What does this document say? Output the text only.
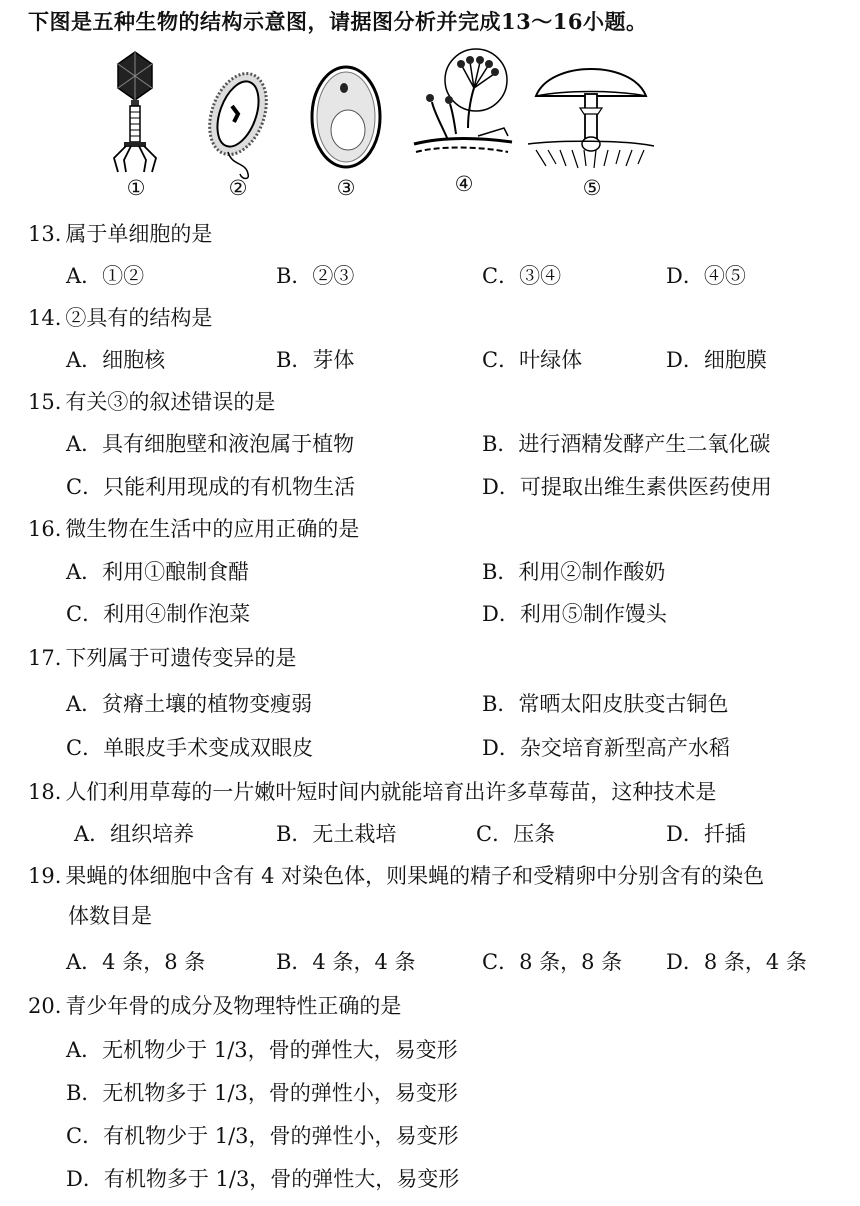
下图是五种生物的结构示意图，请据图分析并完成13～16小题。
①	②	③	④	⑤
13. 属于单细胞的是
A．①②	B．②③	C．③④	D．④⑤
14. ②具有的结构是
A．细胞核	B．芽体	C．叶绿体	D．细胞膜
15. 有关③的叙述错误的是
A．具有细胞壁和液泡属于植物	B．进行酒精发酵产生二氧化碳
C．只能利用现成的有机物生活	D．可提取出维生素供医药使用
16. 微生物在生活中的应用正确的是
A．利用①酿制食醋	B．利用②制作酸奶
C．利用④制作泡菜	D．利用⑤制作馒头
17. 下列属于可遗传变异的是
A．贫瘠土壤的植物变瘦弱	B．常晒太阳皮肤变古铜色
C．单眼皮手术变成双眼皮	D．杂交培育新型高产水稻
18. 人们利用草莓的一片嫩叶短时间内就能培育出许多草莓苗，这种技术是
A．组织培养	B．无土栽培	C．压条	D．扦插
19. 果蝇的体细胞中含有 4 对染色体，则果蝇的精子和受精卵中分别含有的染色
体数目是
A．4 条，8 条	B．4 条，4 条	C．8 条，8 条 D．8 条，4 条
20. 青少年骨的成分及物理特性正确的是
A．无机物少于 1/3，骨的弹性大，易变形
B．无机物多于 1/3，骨的弹性小，易变形
C．有机物少于 1/3，骨的弹性小，易变形
D．有机物多于 1/3，骨的弹性大，易变形
